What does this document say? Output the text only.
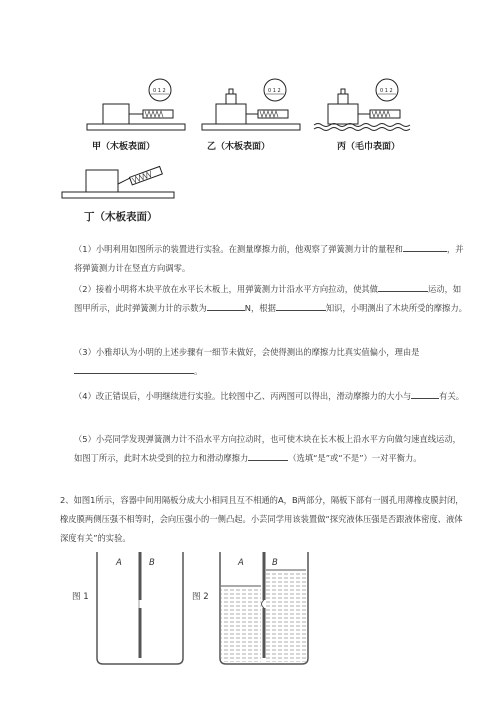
0 1 2
甲（木板表面）
0 1 2
乙（木板表面）
0 1 2
丙（毛巾表面）
丁（木板表面）

（1）小明利用如图所示的装置进行实验。在测量摩擦力前，他观察了弹簧测力计的量程和	，并将弹簧测力计在竖直方向调零。

（2）接着小明将木块平放在水平长木板上，用弹簧测力计沿水平方向拉动，使其做	运动，如图甲所示，此时弹簧测力计的示数为	N，根据	知识，小明测出了木块所受的摩擦力。

（3）小雅却认为小明的上述步骤有一细节未做好，会使得测出的摩擦力比真实值偏小，理由是。

（4）改正错误后，小明继续进行实验。比较图中乙、丙两图可以得出，滑动摩擦力的大小与	有关。

（5）小亮同学发现弹簧测力计不沿水平方向拉动时，也可使木块在长木板上沿水平方向做匀速直线运动，如图丁所示，此时木块受到的拉力和滑动摩擦力	（选填“是”或“不是”）一对平衡力。

2、如图1所示，容器中间用隔板分成大小相同且互不相通的A，B两部分，隔板下部有一圆孔用薄橡皮膜封闭，橡皮膜两侧压强不相等时，会向压强小的一侧凸起。小芸同学用该装置做“探究液体压强是否跟液体密度、液体深度有关”的实验。

图 1
A	B
图 2
A	B
